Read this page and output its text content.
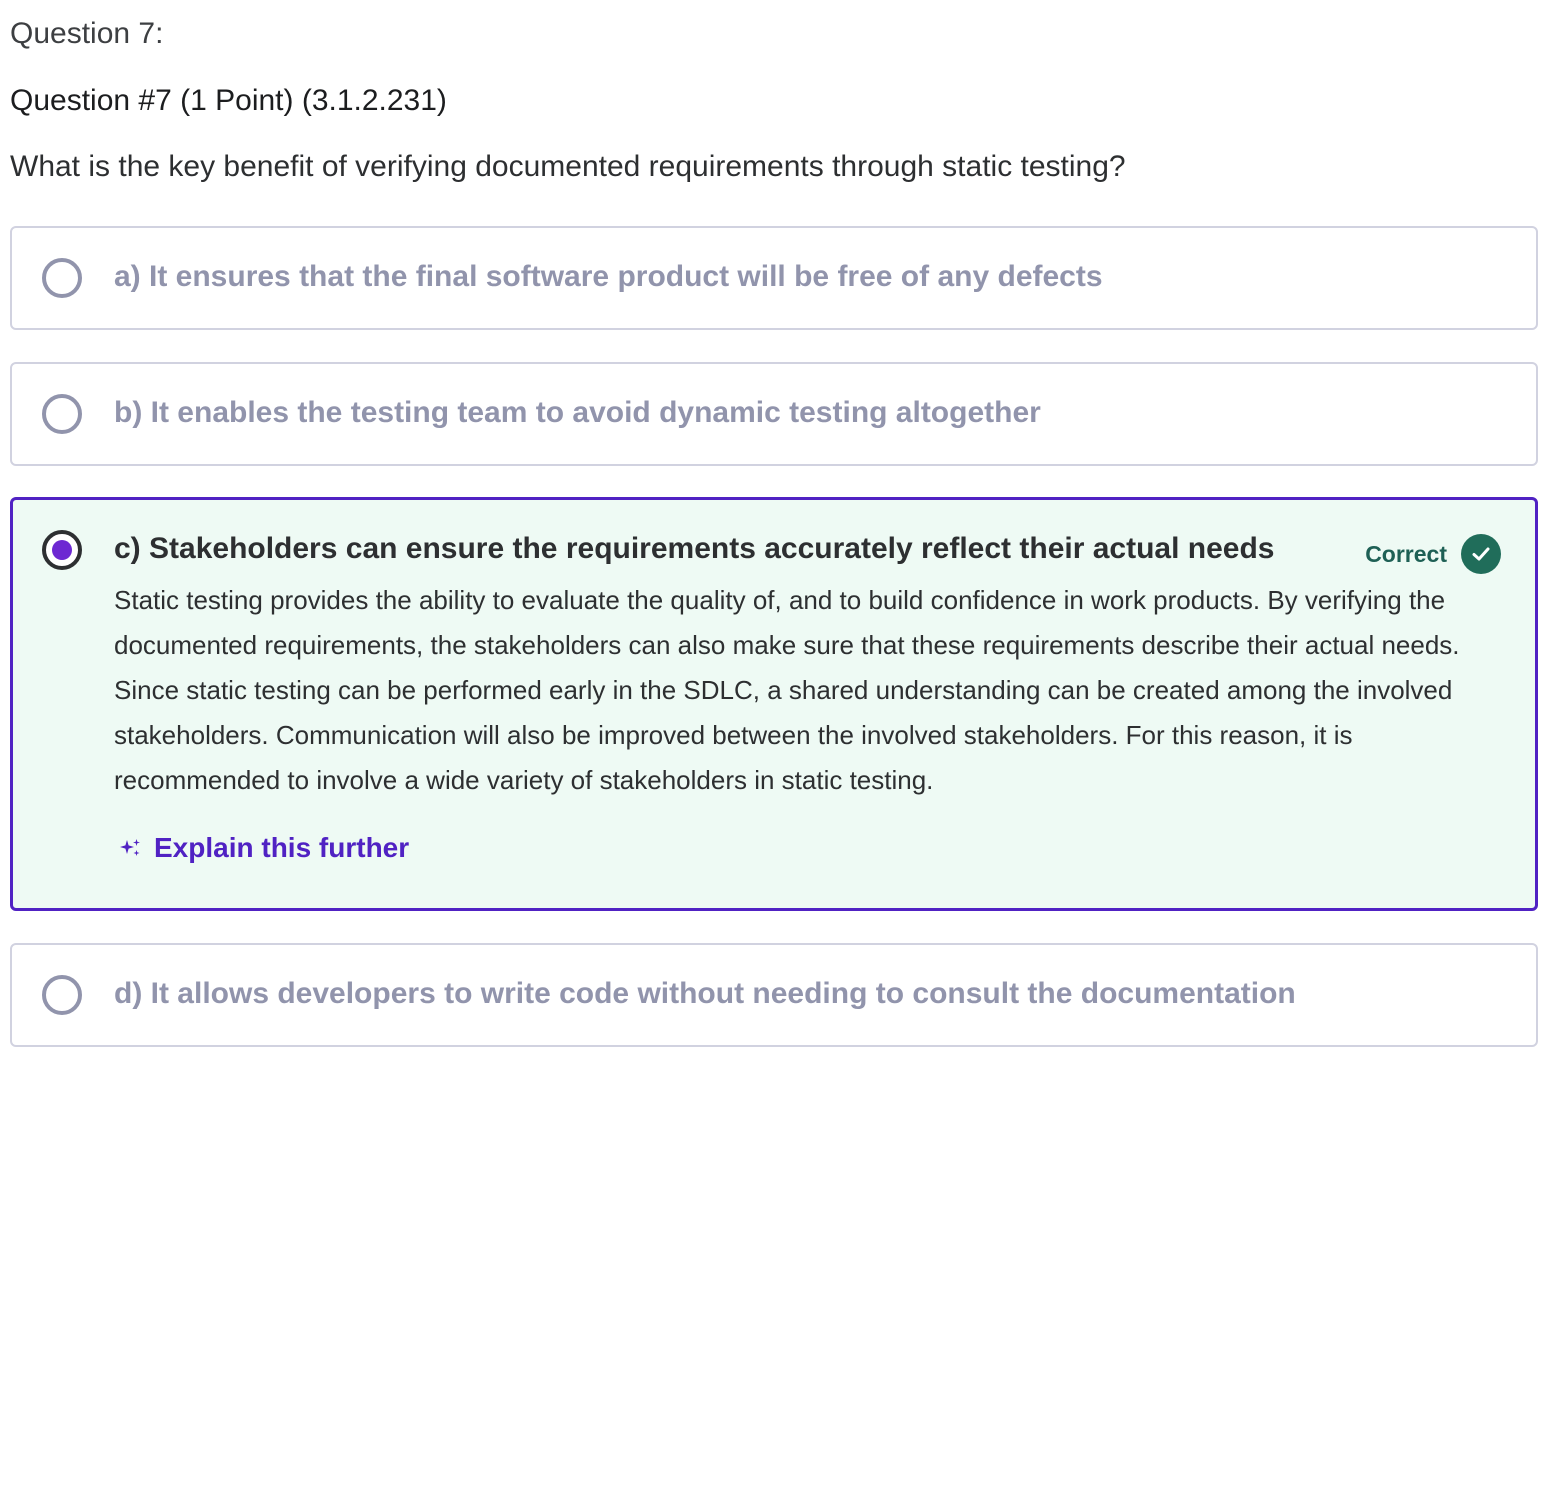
Question 7:
Question #7 (1 Point) (3.1.2.231)
What is the key benefit of verifying documented requirements through static testing?
a) It ensures that the final software product will be free of any defects
b) It enables the testing team to avoid dynamic testing altogether
c) Stakeholders can ensure the requirements accurately reflect their actual needs	Correct
Static testing provides the ability to evaluate the quality of, and to build confidence in work products. By verifying the documented requirements, the stakeholders can also make sure that these requirements describe their actual needs. Since static testing can be performed early in the SDLC, a shared understanding can be created among the involved stakeholders. Communication will also be improved between the involved stakeholders. For this reason, it is recommended to involve a wide variety of stakeholders in static testing.
Explain this further
d) It allows developers to write code without needing to consult the documentation
